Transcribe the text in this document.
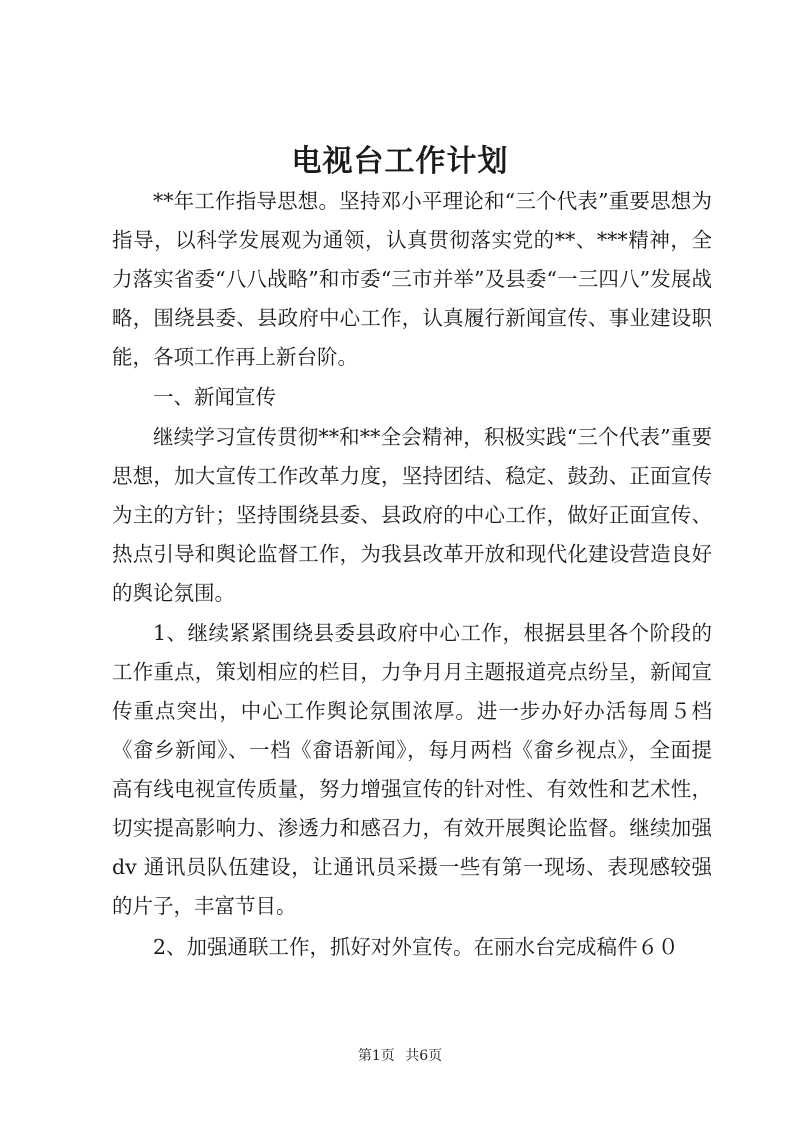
电视台工作计划

**年工作指导思想。坚持邓小平理论和“三个代表”重要思想为指导，以科学发展观为通领，认真贯彻落实党的**、***精神，全力落实省委“八八战略”和市委“三市并举”及县委“一三四八”发展战略，围绕县委、县政府中心工作，认真履行新闻宣传、事业建设职能，各项工作再上新台阶。

一、新闻宣传

继续学习宣传贯彻**和**全会精神，积极实践“三个代表”重要思想，加大宣传工作改革力度，坚持团结、稳定、鼓劲、正面宣传为主的方针；坚持围绕县委、县政府的中心工作，做好正面宣传、热点引导和舆论监督工作，为我县改革开放和现代化建设营造良好的舆论氛围。

1、继续紧紧围绕县委县政府中心工作，根据县里各个阶段的工作重点，策划相应的栏目，力争月月主题报道亮点纷呈，新闻宣传重点突出，中心工作舆论氛围浓厚。进一步办好办活每周５档《畲乡新闻》、一档《畲语新闻》，每月两档《畲乡视点》，全面提高有线电视宣传质量，努力增强宣传的针对性、有效性和艺术性，切实提高影响力、渗透力和感召力，有效开展舆论监督。继续加强 dv 通讯员队伍建设，让通讯员采摄一些有第一现场、表现感较强的片子，丰富节目。

2、加强通联工作，抓好对外宣传。在丽水台完成稿件６０

第1页 共6页
